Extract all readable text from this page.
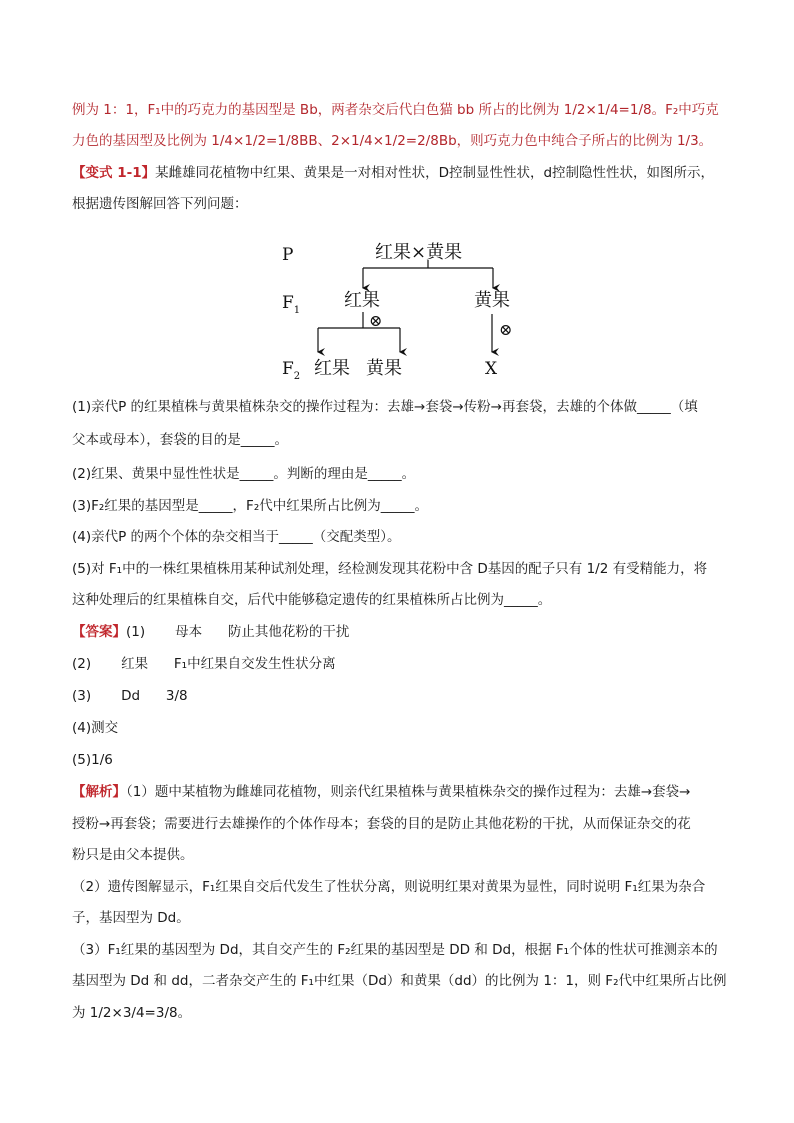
例为 1：1，F₁中的巧克力的基因型是 Bb，两者杂交后代白色猫 bb 所占的比例为 1/2×1/4=1/8。F₂中巧克
力色的基因型及比例为 1/4×1/2=1/8BB、2×1/4×1/2=2/8Bb，则巧克力色中纯合子所占的比例为 1/3。
【变式 1-1】某雌雄同花植物中红果、黄果是一对相对性状，D控制显性性状，d控制隐性性状，如图所示，
根据遗传图解回答下列问题：
P
$F_1$
$F_2$
红果×黄果
红果	黄果
⊗	⊗
红果 黄果	X
(1)亲代P 的红果植株与黄果植株杂交的操作过程为：去雄→套袋→传粉→再套袋，去雄的个体做_____（填
父本或母本），套袋的目的是_____。
(2)红果、黄果中显性性状是_____。判断的理由是_____。
(3)F₂红果的基因型是_____，F₂代中红果所占比例为_____。
(4)亲代P 的两个个体的杂交相当于_____（交配类型）。
(5)对 F₁中的一株红果植株用某种试剂处理，经检测发现其花粉中含 D基因的配子只有 1/2 有受精能力，将
这种处理后的红果植株自交，后代中能够稳定遗传的红果植株所占比例为_____。
【答案】(1)       母本      防止其他花粉的干扰
(2)       红果      F₁中红果自交发生性状分离
(3)       Dd      3/8
(4)测交
(5)1/6
【解析】（1）题中某植物为雌雄同花植物，则亲代红果植株与黄果植株杂交的操作过程为：去雄→套袋→
授粉→再套袋；需要进行去雄操作的个体作母本；套袋的目的是防止其他花粉的干扰，从而保证杂交的花
粉只是由父本提供。
（2）遗传图解显示，F₁红果自交后代发生了性状分离，则说明红果对黄果为显性，同时说明 F₁红果为杂合
子，基因型为 Dd。
（3）F₁红果的基因型为 Dd，其自交产生的 F₂红果的基因型是 DD 和 Dd，根据 F₁个体的性状可推测亲本的
基因型为 Dd 和 dd，二者杂交产生的 F₁中红果（Dd）和黄果（dd）的比例为 1：1，则 F₂代中红果所占比例
为 1/2×3/4=3/8。
